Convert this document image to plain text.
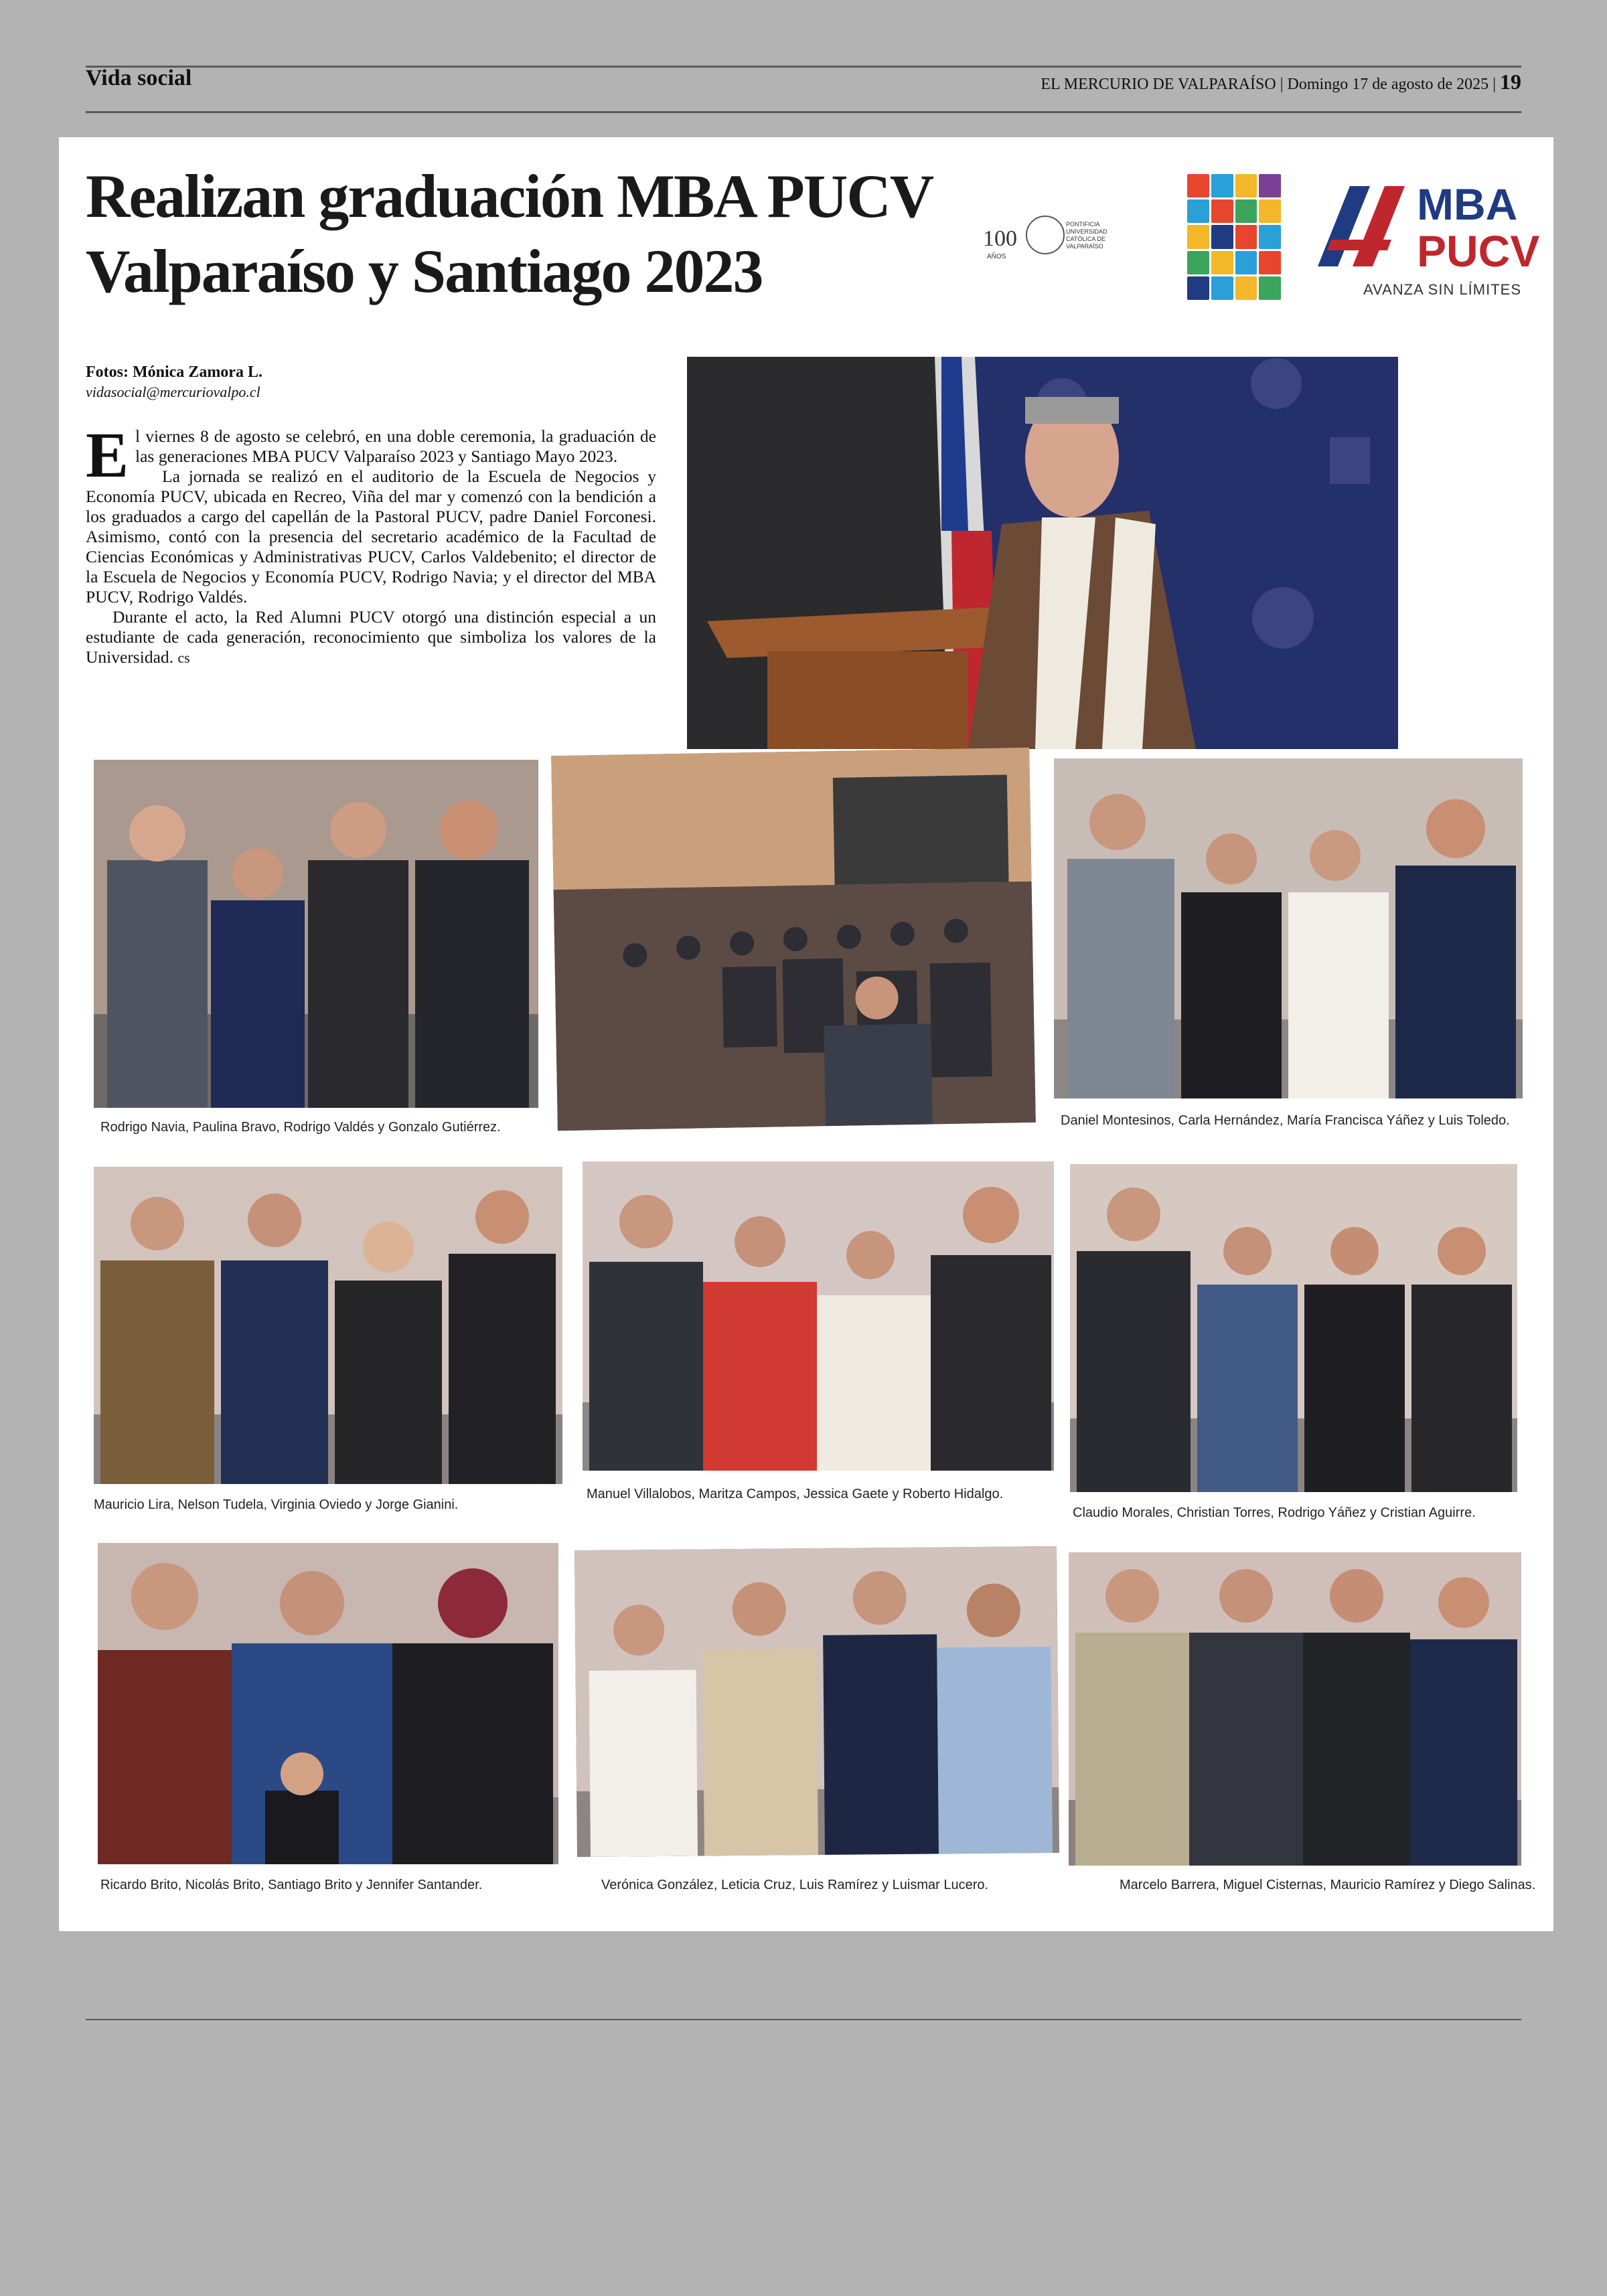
Vida social	EL MERCURIO DE VALPARAÍSO | Domingo 17 de agosto de 2025 | 19
Realizan graduación MBA PUCV
Valparaíso y Santiago 2023	100
AÑOS
PONTIFICIA
UNIVERSIDAD
CATÓLICA DE
VALPARAÍSO
MBA
PUCV
AVANZA SIN LÍMITES
Fotos: Mónica Zamora L.
vidasocial@mercuriovalpo.cl

El viernes 8 de agosto se celebró, en una doble ceremonia, la graduación de las generaciones MBA PUCV Valparaíso 2023 y Santiago Mayo 2023.

La jornada se realizó en el auditorio de la Escuela de Negocios y Economía PUCV, ubicada en Recreo, Viña del mar y comenzó con la bendición a los graduados a cargo del capellán de la Pastoral PUCV, padre Daniel Forconesi. Asimismo, contó con la presencia del secretario académico de la Facultad de Ciencias Económicas y Administrativas PUCV, Carlos Valdebenito; el director de la Escuela de Negocios y Economía PUCV, Rodrigo Navia; y el director del MBA PUCV, Rodrigo Valdés.

Durante el acto, la Red Alumni PUCV otorgó una distinción especial a un estudiante de cada generación, reconocimiento que simboliza los valores de la Universidad. cs

Rodrigo Navia, Paulina Bravo, Rodrigo Valdés y Gonzalo Gutiérrez.	Daniel Montesinos, Carla Hernández, María Francisca Yáñez y Luis Toledo.
Mauricio Lira, Nelson Tudela, Virginia Oviedo y Jorge Gianini.
Manuel Villalobos, Maritza Campos, Jessica Gaete y Roberto Hidalgo.
Claudio Morales, Christian Torres, Rodrigo Yáñez y Cristian Aguirre.
Ricardo Brito, Nicolás Brito, Santiago Brito y Jennifer Santander.	Verónica González, Leticia Cruz, Luis Ramírez y Luismar Lucero.	Marcelo Barrera, Miguel Cisternas, Mauricio Ramírez y Diego Salinas.
